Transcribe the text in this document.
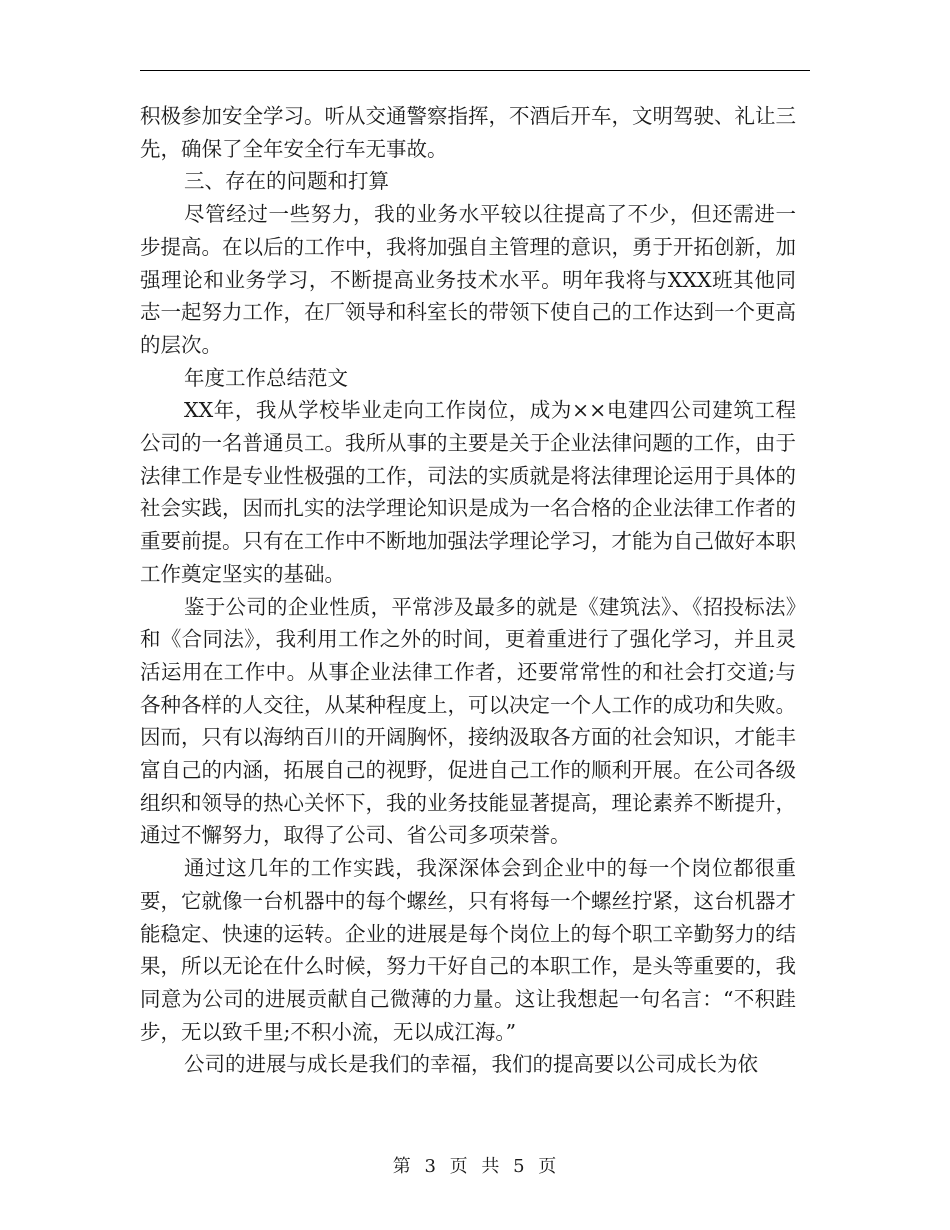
积极参加安全学习。听从交通警察指挥，不酒后开车，文明驾驶、礼让三先，确保了全年安全行车无事故。

三、存在的问题和打算

尽管经过一些努力，我的业务水平较以往提高了不少，但还需进一步提高。在以后的工作中，我将加强自主管理的意识，勇于开拓创新，加强理论和业务学习，不断提高业务技术水平。明年我将与XXX班其他同志一起努力工作，在厂领导和科室长的带领下使自己的工作达到一个更高的层次。

年度工作总结范文

XX年，我从学校毕业走向工作岗位，成为××电建四公司建筑工程公司的一名普通员工。我所从事的主要是关于企业法律问题的工作，由于法律工作是专业性极强的工作，司法的实质就是将法律理论运用于具体的社会实践，因而扎实的法学理论知识是成为一名合格的企业法律工作者的重要前提。只有在工作中不断地加强法学理论学习，才能为自己做好本职工作奠定坚实的基础。

鉴于公司的企业性质，平常涉及最多的就是《建筑法》、《招投标法》和《合同法》，我利用工作之外的时间，更着重进行了强化学习，并且灵活运用在工作中。从事企业法律工作者，还要常常性的和社会打交道;与各种各样的人交往，从某种程度上，可以决定一个人工作的成功和失败。因而，只有以海纳百川的开阔胸怀，接纳汲取各方面的社会知识，才能丰富自己的内涵，拓展自己的视野，促进自己工作的顺利开展。在公司各级组织和领导的热心关怀下，我的业务技能显著提高，理论素养不断提升，通过不懈努力，取得了公司、省公司多项荣誉。

通过这几年的工作实践，我深深体会到企业中的每一个岗位都很重要，它就像一台机器中的每个螺丝，只有将每一个螺丝拧紧，这台机器才能稳定、快速的运转。企业的进展是每个岗位上的每个职工辛勤努力的结果，所以无论在什么时候，努力干好自己的本职工作，是头等重要的，我同意为公司的进展贡献自己微薄的力量。这让我想起一句名言：“不积跬步，无以致千里;不积小流，无以成江海。”

公司的进展与成长是我们的幸福，我们的提高要以公司成长为依

第 3 页 共 5 页
